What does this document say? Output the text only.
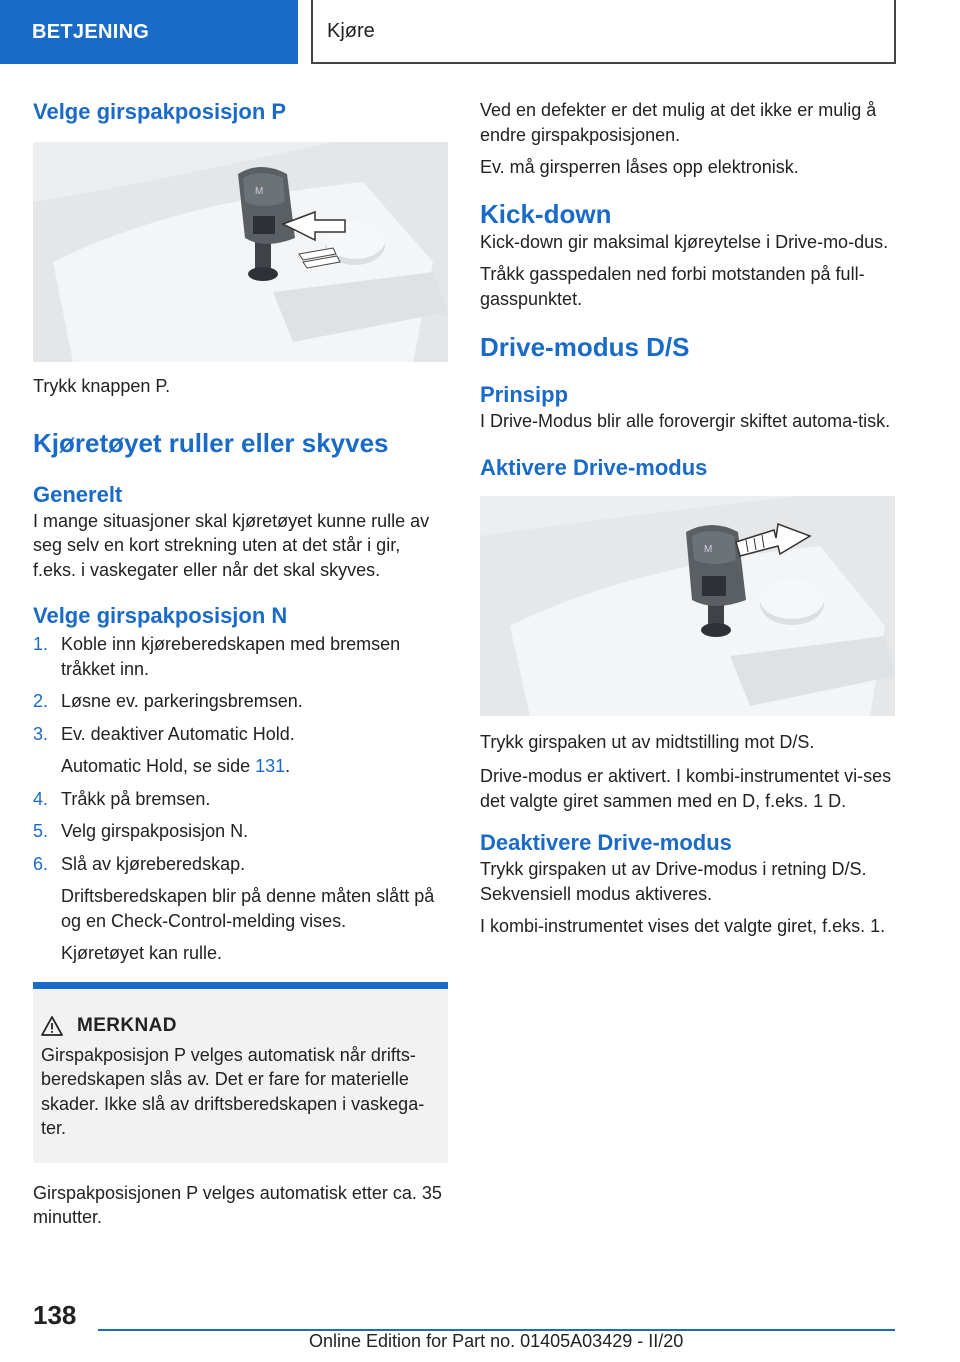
BETJENING	Kjøre
Velge girspakposisjon P
M
Trykk knappen P.
Kjøretøyet ruller eller skyves
Generelt
I mange situasjoner skal kjøretøyet kunne rulle av seg selv en kort strekning uten at det står i gir, f.eks. i vaskegater eller når det skal skyves.
Velge girspakposisjon N
1. Koble inn kjøreberedskapen med bremsen tråkket inn.
2. Løsne ev. parkeringsbremsen.
3. Ev. deaktiver Automatic Hold.
Automatic Hold, se side 131.
4. Tråkk på bremsen.
5. Velg girspakposisjon N.
6. Slå av kjøreberedskap.
Driftsberedskapen blir på denne måten slått på og en Check-Control-melding vises.
Kjøretøyet kan rulle.
MERKNAD
Girspakposisjon P velges automatisk når drifts-beredskapen slås av. Det er fare for materielle skader. Ikke slå av driftsberedskapen i vaskega-ter.
Girspakposisjonen P velges automatisk etter ca. 35 minutter.
Ved en defekter er det mulig at det ikke er mulig å endre girspakposisjonen.
Ev. må girsperren låses opp elektronisk.
Kick-down
Kick-down gir maksimal kjøreytelse i Drive-mo-dus.
Tråkk gasspedalen ned forbi motstanden på full-gasspunktet.
Drive-modus D/S
Prinsipp
I Drive-Modus blir alle forovergir skiftet automa-tisk.
Aktivere Drive-modus
M
Trykk girspaken ut av midtstilling mot D/S.
Drive-modus er aktivert. I kombi-instrumentet vi-ses det valgte giret sammen med en D, f.eks. 1 D.
Deaktivere Drive-modus
Trykk girspaken ut av Drive-modus i retning D/S. Sekvensiell modus aktiveres.
I kombi-instrumentet vises det valgte giret, f.eks. 1.
138
Online Edition for Part no. 01405A03429 - II/20
